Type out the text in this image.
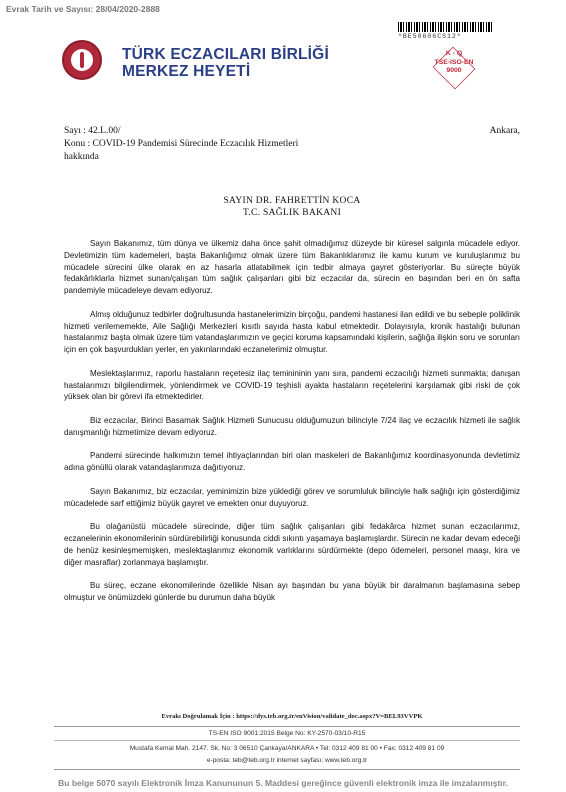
Evrak Tarih ve Sayısı: 28/04/2020-2888
TÜRK ECZACILARI BİRLİĞİ
MERKEZ HEYETİ
*BE50606CS12*
K - Q
TSE-ISO-EN
9000
Sayı : 42.L.00/	Ankara,
Konu : COVID-19 Pandemisi Sürecinde Eczacılık Hizmetleri
hakkında
SAYIN DR. FAHRETTİN KOCA
T.C. SAĞLIK BAKANI

Sayın Bakanımız, tüm dünya ve ülkemiz daha önce şahit olmadığımız düzeyde bir küresel salgınla mücadele ediyor. Devletimizin tüm kademeleri, başta Bakanlığımız olmak üzere tüm Bakanlıklarımız ile kamu kurum ve kuruluşlarımız bu mücadele sürecini ülke olarak en az hasarla atlatabilmek için tedbir almaya gayret gösteriyorlar. Bu süreçte büyük fedakârlıklarla hizmet sunan/çalışan tüm sağlık çalışanları gibi biz eczacılar da, sürecin en başından beri en ön safta pandemiyle mücadeleye devam ediyoruz.

Almış olduğunuz tedbirler doğrultusunda hastanelerimizin birçoğu, pandemi hastanesi ilan edildi ve bu sebeple poliklinik hizmeti verilememekte, Aile Sağlığı Merkezleri kısıtlı sayıda hasta kabul etmektedir. Dolayısıyla, kronik hastalığı bulunan hastalarımız başta olmak üzere tüm vatandaşlarımızın ve geçici koruma kapsamındaki kişilerin, sağlığa ilişkin soru ve sorunları için en çok başvurdukları yerler, en yakınlarındaki eczanelerimiz olmuştur.

Meslektaşlarımız, raporlu hastaların reçetesiz ilaç teminininin yanı sıra, pandemi eczacılığı hizmeti sunmakta; danışan hastalarımızı bilgilendirmek, yönlendirmek ve COVID-19 teşhisli ayakta hastaların reçetelerini karşılamak gibi riski de çok yüksek olan bir görevi ifa etmektedirler.

Biz eczacılar, Birinci Basamak Sağlık Hizmeti Sunucusu olduğumuzun bilinciyle 7/24 ilaç ve eczacılık hizmeti ile sağlık danışmanlığı hizmetimize devam ediyoruz.

Pandemi sürecinde halkımızın temel ihtiyaçlarından biri olan maskeleri de Bakanlığımız koordinasyonunda devletimiz adına gönüllü olarak vatandaşlarımıza dağıtıyoruz.

Sayın Bakanımız, biz eczacılar, yeminimizin bize yüklediği görev ve sorumluluk bilinciyle halk sağlığı için gösterdiğimiz mücadelede sarf ettiğimiz büyük gayret ve emekten onur duyuyoruz.

Bu olağanüstü mücadele sürecinde, diğer tüm sağlık çalışanları gibi fedakârca hizmet sunan eczacılarımız, eczanelerinin ekonomilerinin sürdürebilirliği konusunda ciddi sıkıntı yaşamaya başlamışlardır. Sürecin ne kadar devam edeceği de henüz kesinleşmemişken, meslektaşlarımız ekonomik varlıklarını sürdürmekte (depo ödemeleri, personel maaşı, kira ve diğer masraflar) zorlanmaya başlamıştır.

Bu süreç, eczane ekonomilerinde özellikle Nisan ayı başından bu yana büyük bir daralmanın başlamasına sebep olmuştur ve önümüzdeki günlerde bu durumun daha büyük

Evrakı Doğrulamak İçin : https://dys.teb.org.tr/enVision/validate_doc.aspx?V=BEL93VVPK
TS-EN ISO 9001:2015 Belge No: KY-2570-03/10-R15
Mustafa Kemal Mah. 2147. Sk. No: 3 06510 Çankaya/ANKARA • Tel: 0312 409 81 00 • Fax: 0312 409 81 09
e-posta: teb@teb.org.tr internet sayfası: www.teb.org.tr
Bu belge 5070 sayılı Elektronik İmza Kanununun 5. Maddesi gereğince güvenli elektronik imza ile imzalanmıştır.
